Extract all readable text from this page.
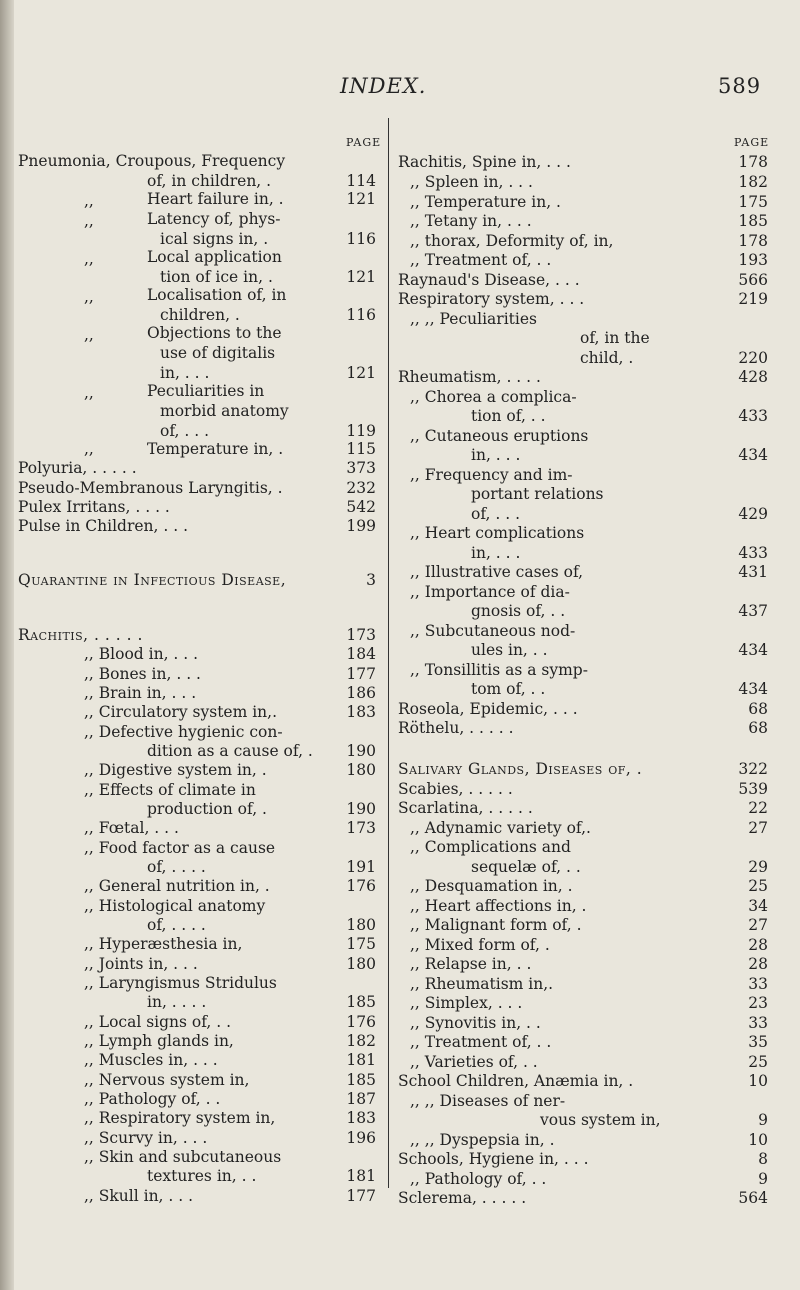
INDEX.	589
PAGE	PAGE
Pneumonia, Croupous, Frequency
of, in children, .	114
,,	Heart failure in, .	121
,,	Latency of, phys-
ical signs in, .	116
,,	Local application
tion of ice in, .	121
,,	Localisation of, in
children, .	116
,,	Objections to the
use of digitalis
in, . . .	121
,,	Peculiarities in
morbid anatomy
of, . . .	119
,,	Temperature in, .	115
Polyuria, . . . . .	373
Pseudo-Membranous Laryngitis, .	232
Pulex Irritans, . . . .	542
Pulse in Children, . . .	199
Quarantine in Infectious Disease,	3
Rachitis, . . . . .	173
,, Blood in, . . .	184
,, Bones in, . . .	177
,, Brain in, . . .	186
,, Circulatory system in,.	183
,, Defective hygienic con-
dition as a cause of, .	190
,, Digestive system in, .	180
,, Effects of climate in
production of, .	190
,, Fœtal, . . .	173
,, Food factor as a cause
of, . . . .	191
,, General nutrition in, .	176
,, Histological anatomy
of, . . . .	180
,, Hyperæsthesia in,	175
,, Joints in, . . .	180
,, Laryngismus Stridulus
in, . . . .	185
,, Local signs of, . .	176
,, Lymph glands in,	182
,, Muscles in, . . .	181
,, Nervous system in,	185
,, Pathology of, . .	187
,, Respiratory system in,	183
,, Scurvy in, . . .	196
,, Skin and subcutaneous
textures in, . .	181
,, Skull in, . . .	177
Rachitis, Spine in, . . .	178
,, Spleen in, . . .	182
,, Temperature in, .	175
,, Tetany in, . . .	185
,, thorax, Deformity of, in,	178
,, Treatment of, . .	193
Raynaud's Disease, . . .	566
Respiratory system, . . .	219
,, ,, Peculiarities
of, in the
child, .	220
Rheumatism, . . . .	428
,, Chorea a complica-
tion of, . .	433
,, Cutaneous eruptions
in, . . .	434
,, Frequency and im-
portant relations
of, . . .	429
,, Heart complications
in, . . .	433
,, Illustrative cases of,	431
,, Importance of dia-
gnosis of, . .	437
,, Subcutaneous nod-
ules in, . .	434
,, Tonsillitis as a symp-
tom of, . .	434
Roseola, Epidemic, . . .	68
Röthelu, . . . . .	68
Salivary Glands, Diseases of, .	322
Scabies, . . . . .	539
Scarlatina, . . . . .	22
,, Adynamic variety of,.	27
,, Complications and
sequelæ of, . .	29
,, Desquamation in, .	25
,, Heart affections in, .	34
,, Malignant form of, .	27
,, Mixed form of, .	28
,, Relapse in, . .	28
,, Rheumatism in,.	33
,, Simplex, . . .	23
,, Synovitis in, . .	33
,, Treatment of, . .	35
,, Varieties of, . .	25
School Children, Anæmia in, .	10
,, ,, Diseases of ner-
vous system in,	9
,, ,, Dyspepsia in, .	10
Schools, Hygiene in, . . .	8
,, Pathology of, . .	9
Sclerema, . . . . .	564
